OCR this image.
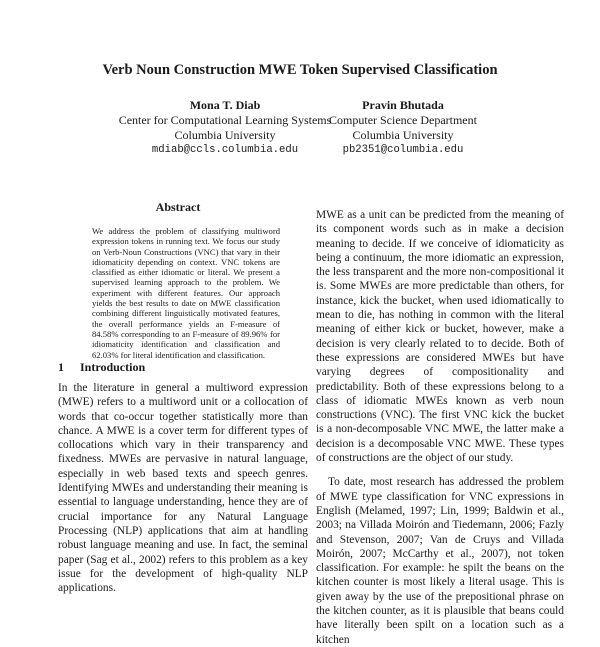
Verb Noun Construction MWE Token Supervised Classification
Mona T. Diab
Center for Computational Learning Systems
Columbia University
mdiab@ccls.columbia.edu
Pravin Bhutada
Computer Science Department
Columbia University
pb2351@columbia.edu
Abstract

We address the problem of classifying multiword expression tokens in running text. We focus our study on Verb-Noun Constructions (VNC) that vary in their idiomaticity depending on context. VNC tokens are classified as either idiomatic or literal. We present a supervised learning approach to the problem. We experiment with different features. Our approach yields the best results to date on MWE classification combining different linguistically motivated features, the overall performance yields an F-measure of 84.58% corresponding to an F-measure of 89.96% for idiomaticity identification and classification and 62.03% for literal identification and classification.

1 Introduction

In the literature in general a multiword expression (MWE) refers to a multiword unit or a collocation of words that co-occur together statistically more than chance. A MWE is a cover term for different types of collocations which vary in their transparency and fixedness. MWEs are pervasive in natural language, especially in web based texts and speech genres. Identifying MWEs and understanding their meaning is essential to language understanding, hence they are of crucial importance for any Natural Language Processing (NLP) applications that aim at handling robust language meaning and use. In fact, the seminal paper (Sag et al., 2002) refers to this problem as a key issue for the development of high-quality NLP applications.

MWE as a unit can be predicted from the meaning of its component words such as in make a decision meaning to decide. If we conceive of idiomaticity as being a continuum, the more idiomatic an expression, the less transparent and the more non-compositional it is. Some MWEs are more predictable than others, for instance, kick the bucket, when used idiomatically to mean to die, has nothing in common with the literal meaning of either kick or bucket, however, make a decision is very clearly related to to decide. Both of these expressions are considered MWEs but have varying degrees of compositionality and predictability. Both of these expressions belong to a class of idiomatic MWEs known as verb noun constructions (VNC). The first VNC kick the bucket is a non-decomposable VNC MWE, the latter make a decision is a decomposable VNC MWE. These types of constructions are the object of our study.

To date, most research has addressed the problem of MWE type classification for VNC expressions in English (Melamed, 1997; Lin, 1999; Baldwin et al., 2003; na Villada Moirón and Tiedemann, 2006; Fazly and Stevenson, 2007; Van de Cruys and Villada Moirón, 2007; McCarthy et al., 2007), not token classification. For example: he spilt the beans on the kitchen counter is most likely a literal usage. This is given away by the use of the prepositional phrase on the kitchen counter, as it is plausible that beans could have literally been spilt on a location such as a kitchen
